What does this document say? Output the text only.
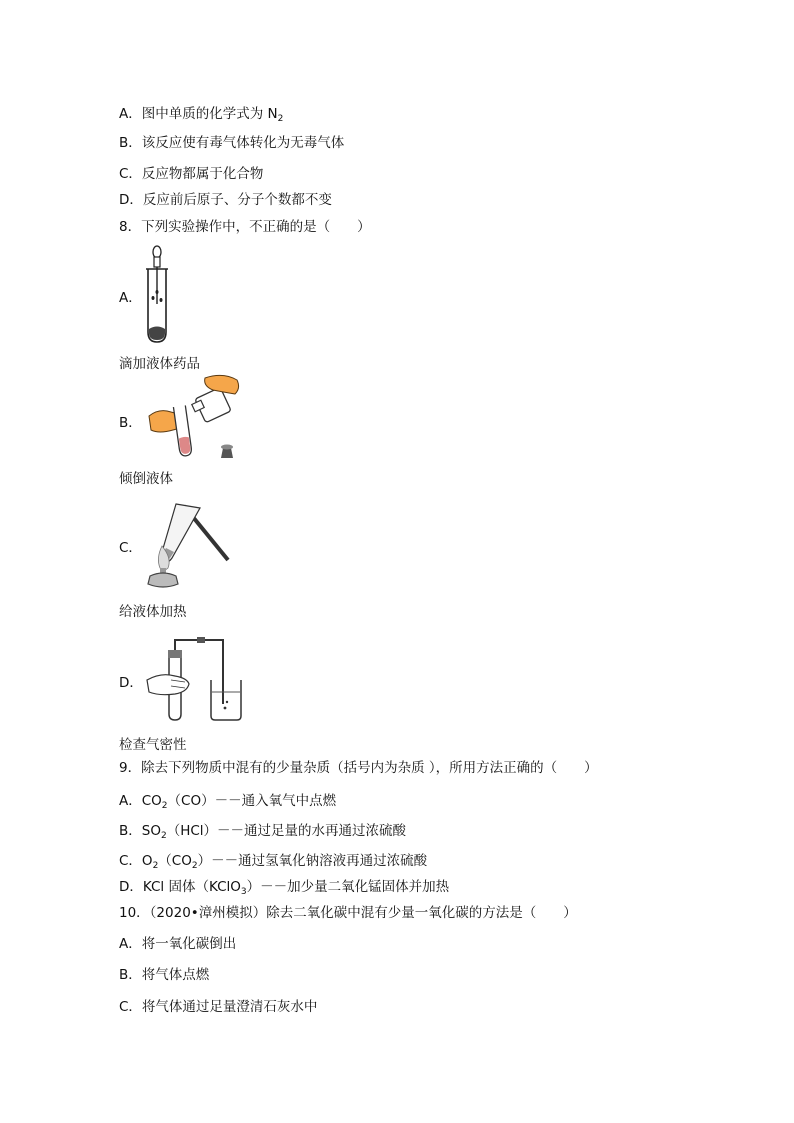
A．图中单质的化学式为 $N_2$
B．该反应使有毒气体转化为无毒气体
C．反应物都属于化合物
D．反应前后原子、分子个数都不变
8．下列实验操作中，不正确的是（　　）
A．
滴加液体药品
B．
倾倒液体
C．
给液体加热
D．
检查气密性
9．除去下列物质中混有的少量杂质（括号内为杂质 ），所用方法正确的（　　）
A．$CO_2(CO)--$通入氧气中点燃
B．$SO_2(HCl)--$通过足量的水再通过浓硫酸
C．$O_2(CO_2)--$通过氢氧化钠溶液再通过浓硫酸
D．KCl 固体（KClO$_3$）－－加少量二氧化锰固体并加热
10．（2020•漳州模拟）除去二氧化碳中混有少量一氧化碳的方法是（　　）
A．将一氧化碳倒出
B．将气体点燃
C．将气体通过足量澄清石灰水中
